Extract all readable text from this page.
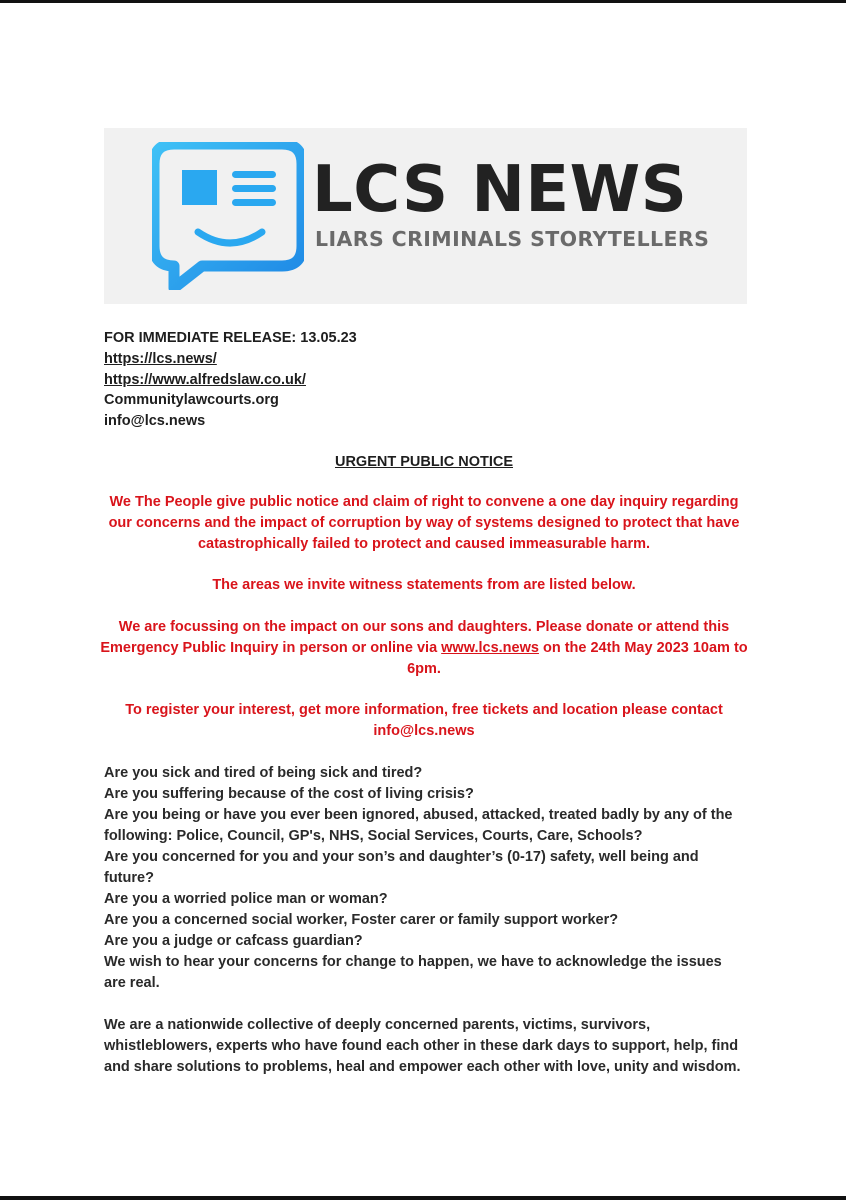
LCS NEWS
LIARS CRIMINALS STORYTELLERS
FOR IMMEDIATE RELEASE: 13.05.23
https://lcs.news/
https://www.alfredslaw.co.uk/
Communitylawcourts.org
info@lcs.news
URGENT PUBLIC NOTICE
We The People give public notice and claim of right to convene a one day inquiry regarding our concerns and the impact of corruption by way of systems designed to protect that have catastrophically failed to protect and caused immeasurable harm.
The areas we invite witness statements from are listed below.
We are focussing on the impact on our sons and daughters. Please donate or attend this Emergency Public Inquiry in person or online via www.lcs.news on the 24th May 2023 10am to 6pm.
To register your interest, get more information, free tickets and location please contact info@lcs.news

Are you sick and tired of being sick and tired?

Are you suffering because of the cost of living crisis?

Are you being or have you ever been ignored, abused, attacked, treated badly by any of the following: Police, Council, GP's, NHS, Social Services, Courts, Care, Schools?

Are you concerned for you and your son’s and daughter’s (0-17) safety, well being and future?

Are you a worried police man or woman?

Are you a concerned social worker, Foster carer or family support worker?

Are you a judge or cafcass guardian?

We wish to hear your concerns for change to happen, we have to acknowledge the issues are real.

We are a nationwide collective of deeply concerned parents, victims, survivors, whistleblowers, experts who have found each other in these dark days to support, help, find and share solutions to problems, heal and empower each other with love, unity and wisdom.
